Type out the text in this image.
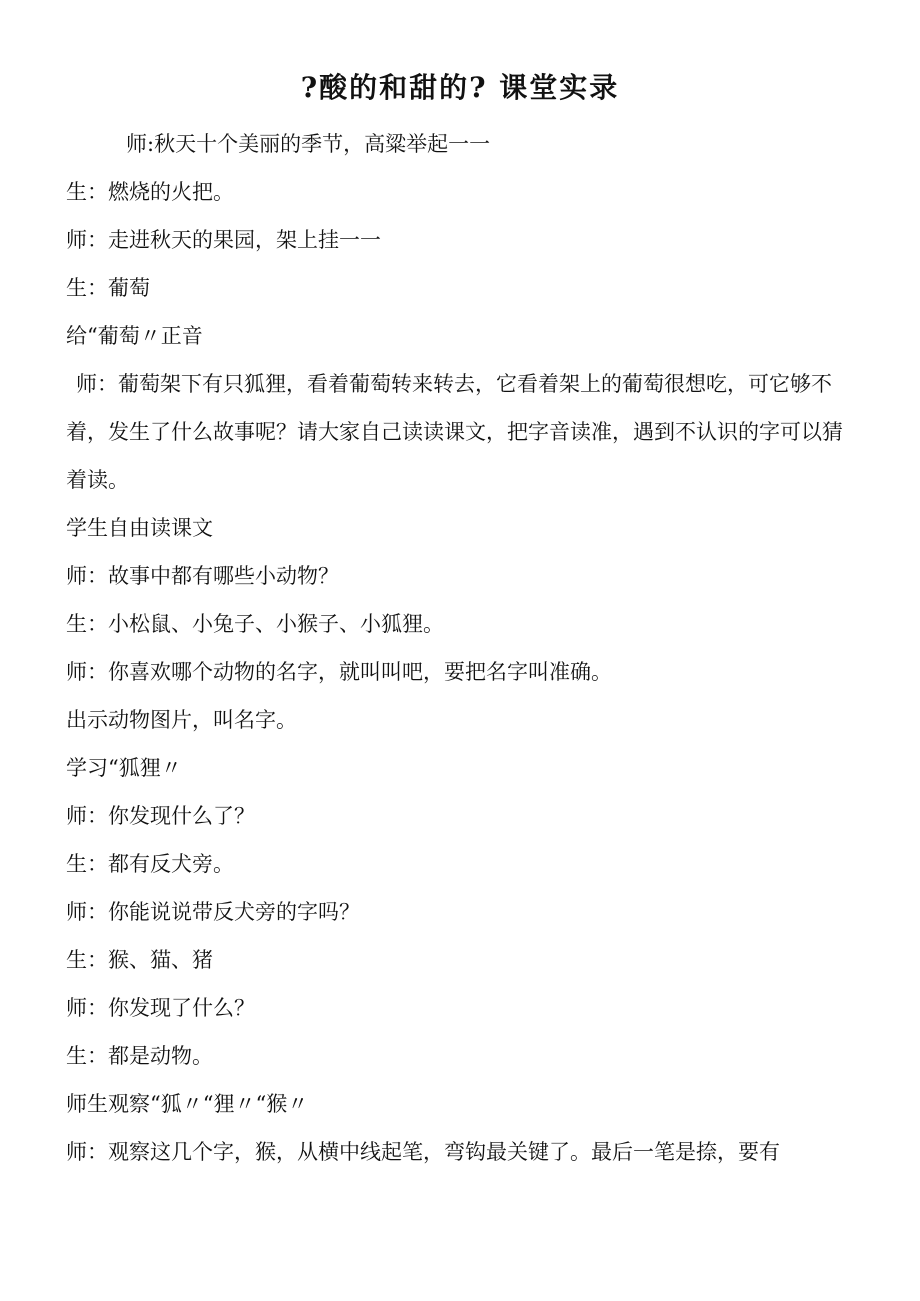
?酸的和甜的? 课堂实录

师:秋天十个美丽的季节，高粱举起一一

生：燃烧的火把。

师：走进秋天的果园，架上挂一一

生：葡萄

给“葡萄〃正音

师：葡萄架下有只狐狸，看着葡萄转来转去，它看着架上的葡萄很想吃，可它够不着，发生了什么故事呢？请大家自己读读课文，把字音读准，遇到不认识的字可以猜着读。

学生自由读课文

师：故事中都有哪些小动物？

生：小松鼠、小兔子、小猴子、小狐狸。

师：你喜欢哪个动物的名字，就叫叫吧，要把名字叫准确。

出示动物图片，叫名字。

学习“狐狸〃

师：你发现什么了？

生：都有反犬旁。

师：你能说说带反犬旁的字吗？

生：猴、猫、猪

师：你发现了什么？

生：都是动物。

师生观察“狐〃“狸〃“猴〃

师：观察这几个字，猴，从横中线起笔，弯钩最关键了。最后一笔是捺，要有
